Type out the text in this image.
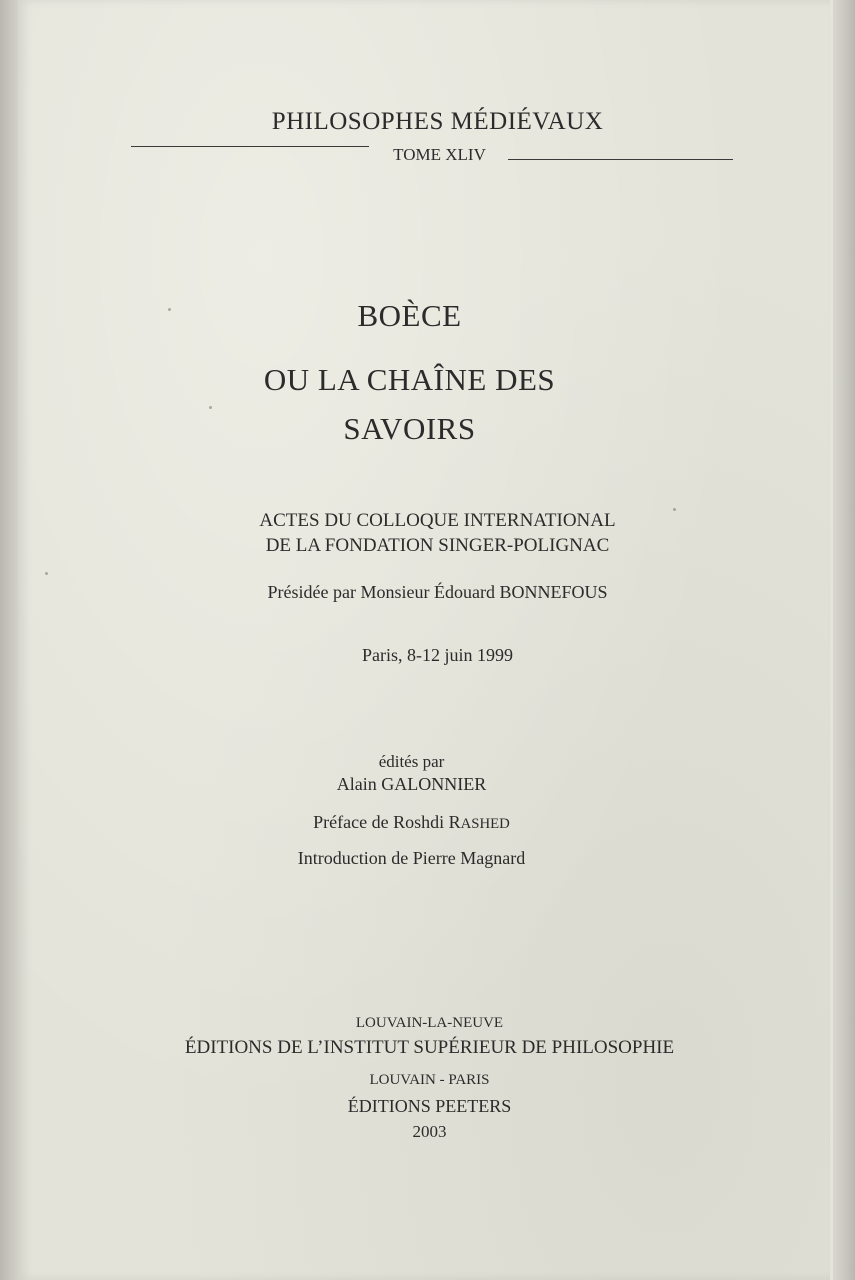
PHILOSOPHES MÉDIÉVAUX
TOME XLIV
BOÈCE
OU LA CHAÎNE DES
SAVOIRS
ACTES DU COLLOQUE INTERNATIONAL
DE LA FONDATION SINGER-POLIGNAC
Présidée par Monsieur Édouard BONNEFOUS
Paris, 8-12 juin 1999
édités par
Alain GALONNIER
Préface de Roshdi RASHED
Introduction de Pierre Magnard
LOUVAIN-LA-NEUVE
ÉDITIONS DE L’INSTITUT SUPÉRIEUR DE PHILOSOPHIE
LOUVAIN - PARIS
ÉDITIONS PEETERS
2003
